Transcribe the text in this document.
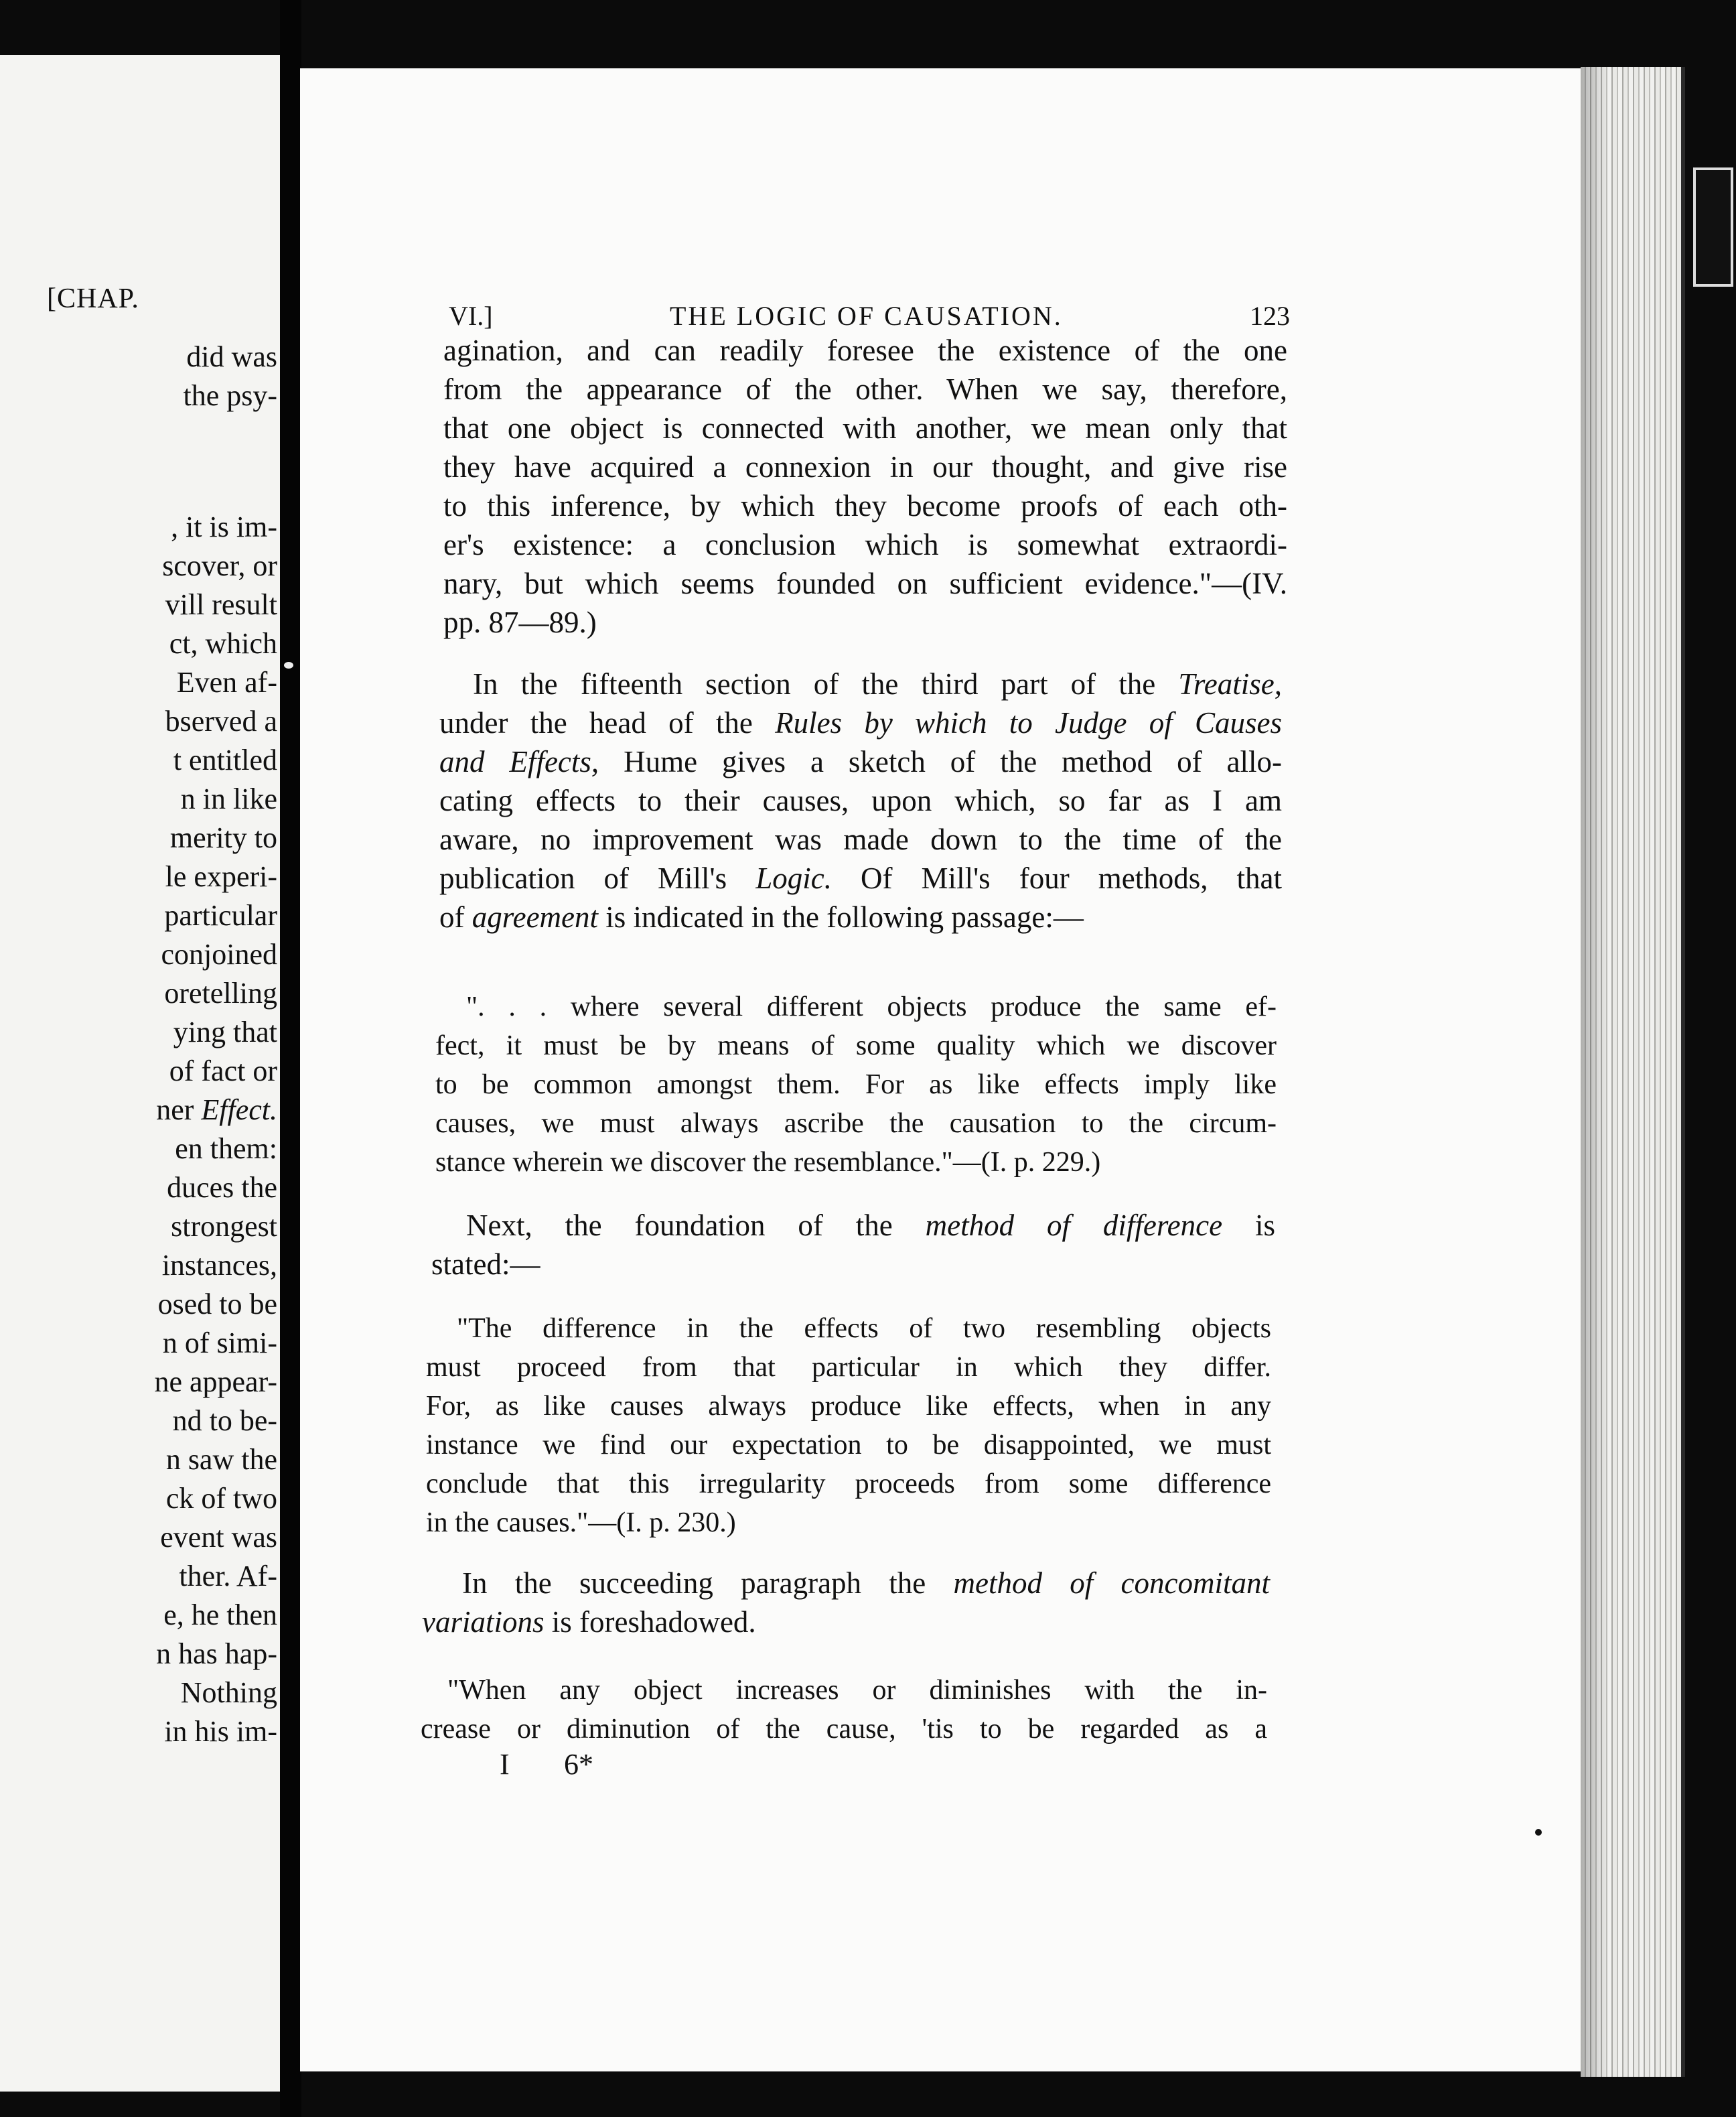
[CHAP.
did was
the psy-
, it is im-
scover, or
vill result
ct, which
Even af-
bserved a
t entitled
n in like
merity to
le experi-
particular
conjoined
oretelling
ying that
of fact or
ner Effect.
en them:
duces the
strongest
instances,
osed to be
n of simi-
ne appear-
nd to be-
n saw the
ck of two
event was
ther. Af-
e, he then
n has hap-
Nothing
in his im-
VI.]	THE LOGIC OF CAUSATION.	123
agination, and can readily foresee the existence of the one
from the appearance of the other. When we say, therefore,
that one object is connected with another, we mean only that
they have acquired a connexion in our thought, and give rise
to this inference, by which they become proofs of each oth-
er's existence: a conclusion which is somewhat extraordi-
nary, but which seems founded on sufficient evidence."—(IV.
pp. 87—89.)
In the fifteenth section of the third part of the Treatise,
under the head of the Rules by which to Judge of Causes
and Effects, Hume gives a sketch of the method of allo-
cating effects to their causes, upon which, so far as I am
aware, no improvement was made down to the time of the
publication of Mill's Logic. Of Mill's four methods, that
of agreement is indicated in the following passage:—
". . . where several different objects produce the same ef-
fect, it must be by means of some quality which we discover
to be common amongst them. For as like effects imply like
causes, we must always ascribe the causation to the circum-
stance wherein we discover the resemblance."—(I. p. 229.)
Next, the foundation of the method of difference is
stated:—
"The difference in the effects of two resembling objects
must proceed from that particular in which they differ.
For, as like causes always produce like effects, when in any
instance we find our expectation to be disappointed, we must
conclude that this irregularity proceeds from some difference
in the causes."—(I. p. 230.)
In the succeeding paragraph the method of concomitant
variations is foreshadowed.
"When any object increases or diminishes with the in-
crease or diminution of the cause, 'tis to be regarded as a
I 6*
